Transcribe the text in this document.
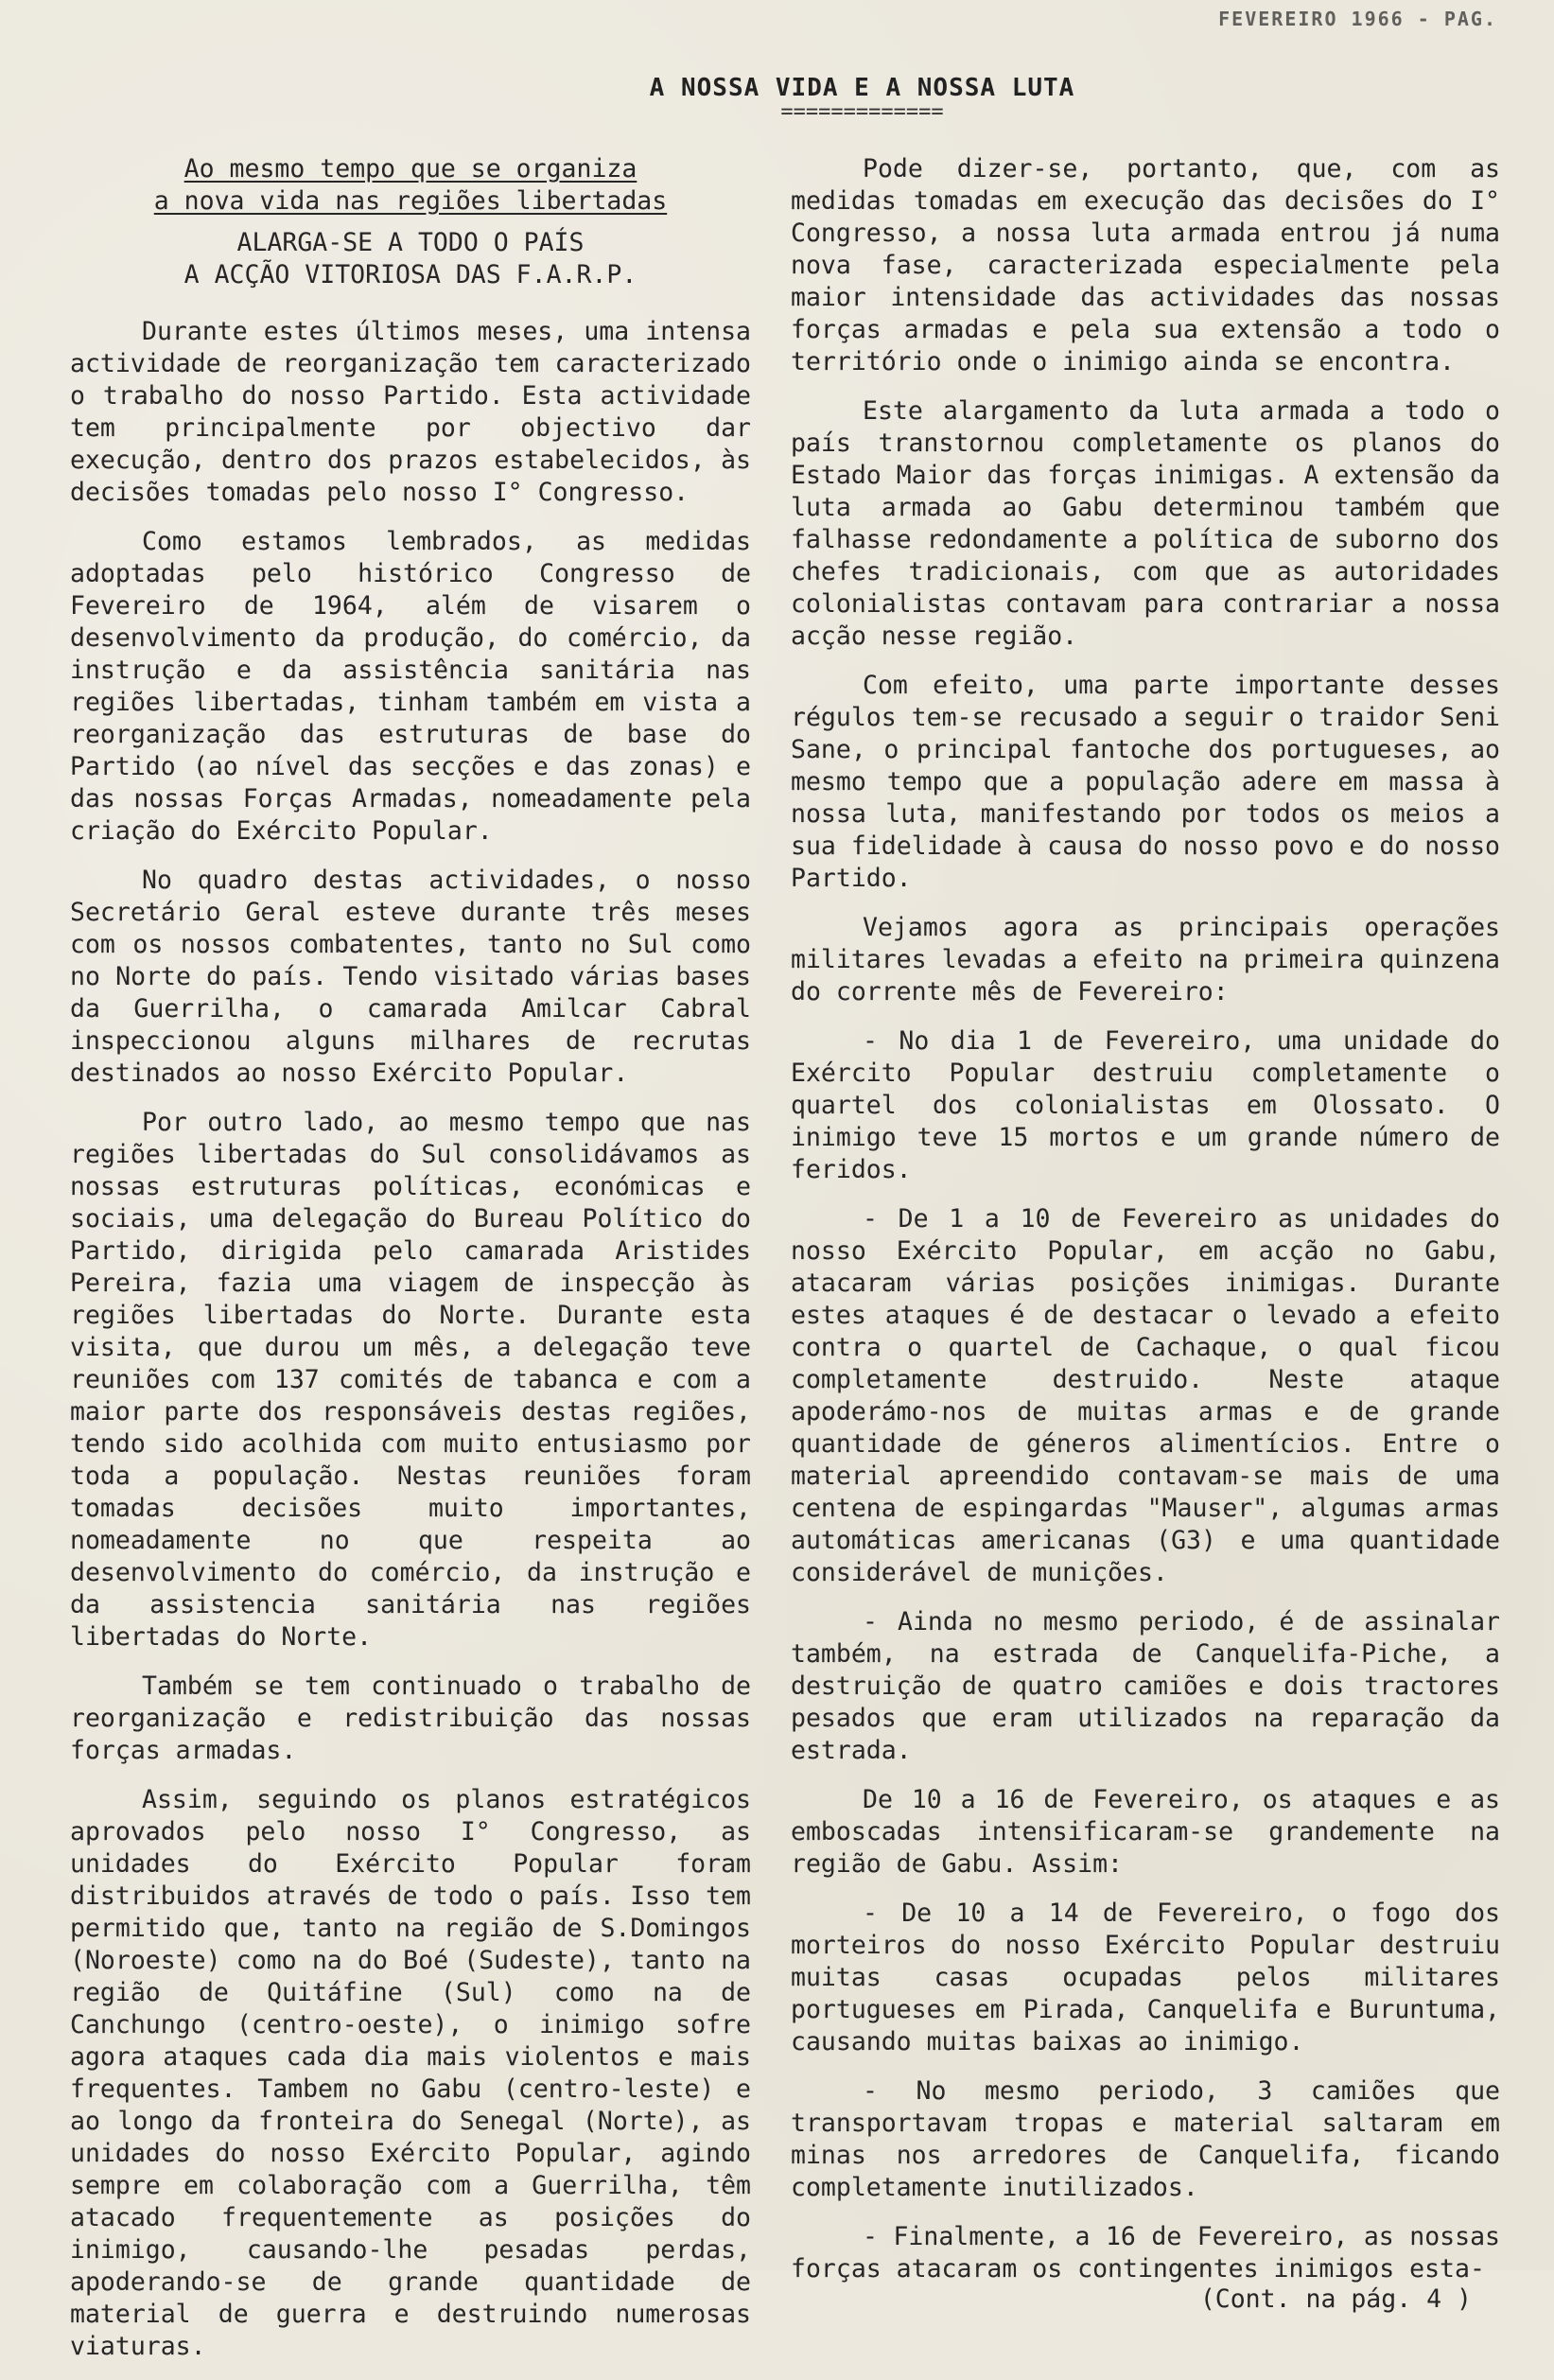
FEVEREIRO 1966 - PAG.
A NOSSA VIDA E A NOSSA LUTA
=============
Ao mesmo tempo que se organiza
a nova vida nas regiões libertadas
ALARGA-SE A TODO O PAÍS
A ACÇÃO VITORIOSA DAS F.A.R.P.

Durante estes últimos meses, uma intensa actividade de reorganização tem caracterizado o trabalho do nosso Partido. Esta actividade tem principalmente por objectivo dar execução, dentro dos prazos estabelecidos, às decisões tomadas pelo nosso I° Congresso.

Como estamos lembrados, as medidas adoptadas pelo histórico Congresso de Fevereiro de 1964, além de visarem o desenvolvimento da produção, do comércio, da instrução e da assistência sanitária nas regiões libertadas, tinham também em vista a reorganização das estruturas de base do Partido (ao nível das secções e das zonas) e das nossas Forças Armadas, nomeadamente pela criação do Exército Popular.

No quadro destas actividades, o nosso Secretário Geral esteve durante três meses com os nossos combatentes, tanto no Sul como no Norte do país. Tendo visitado várias bases da Guerrilha, o camarada Amilcar Cabral inspeccionou alguns milhares de recrutas destinados ao nosso Exército Popular.

Por outro lado, ao mesmo tempo que nas regiões libertadas do Sul consolidávamos as nossas estruturas políticas, económicas e sociais, uma delegação do Bureau Político do Partido, dirigida pelo camarada Aristides Pereira, fazia uma viagem de inspecção às regiões libertadas do Norte. Durante esta visita, que durou um mês, a delegação teve reuniões com 137 comités de tabanca e com a maior parte dos responsáveis destas regiões, tendo sido acolhida com muito entusiasmo por toda a população. Nestas reuniões foram tomadas decisões muito importantes, nomeadamente no que respeita ao desenvolvimento do comércio, da instrução e da assistencia sanitária nas regiões libertadas do Norte.

Também se tem continuado o trabalho de reorganização e redistribuição das nossas forças armadas.

Assim, seguindo os planos estratégicos aprovados pelo nosso I° Congresso, as unidades do Exército Popular foram distribuidos através de todo o país. Isso tem permitido que, tanto na região de S.Domingos (Noroeste) como na do Boé (Sudeste), tanto na região de Quitáfine (Sul) como na de Canchungo (centro-oeste), o inimigo sofre agora ataques cada dia mais violentos e mais frequentes. Tambem no Gabu (centro-leste) e ao longo da fronteira do Senegal (Norte), as unidades do nosso Exército Popular, agindo sempre em colaboração com a Guerrilha, têm atacado frequentemente as posições do inimigo, causando-lhe pesadas perdas, apoderando-se de grande quantidade de material de guerra e destruindo numerosas viaturas.

Pode dizer-se, portanto, que, com as medidas tomadas em execução das decisões do I° Congresso, a nossa luta armada entrou já numa nova fase, caracterizada especialmente pela maior intensidade das actividades das nossas forças armadas e pela sua extensão a todo o território onde o inimigo ainda se encontra.

Este alargamento da luta armada a todo o país transtornou completamente os planos do Estado Maior das forças inimigas. A extensão da luta armada ao Gabu determinou também que falhasse redondamente a política de suborno dos chefes tradicionais, com que as autoridades colonialistas contavam para contrariar a nossa acção nesse região.

Com efeito, uma parte importante desses régulos tem-se recusado a seguir o traidor Seni Sane, o principal fantoche dos portugueses, ao mesmo tempo que a população adere em massa à nossa luta, manifestando por todos os meios a sua fidelidade à causa do nosso povo e do nosso Partido.

Vejamos agora as principais operações militares levadas a efeito na primeira quinzena do corrente mês de Fevereiro:

- No dia 1 de Fevereiro, uma unidade do Exército Popular destruiu completamente o quartel dos colonialistas em Olossato. O inimigo teve 15 mortos e um grande número de feridos.

- De 1 a 10 de Fevereiro as unidades do nosso Exército Popular, em acção no Gabu, atacaram várias posições inimigas. Durante estes ataques é de destacar o levado a efeito contra o quartel de Cachaque, o qual ficou completamente destruido. Neste ataque apoderámo-nos de muitas armas e de grande quantidade de géneros alimentícios. Entre o material apreendido contavam-se mais de uma centena de espingardas "Mauser", algumas armas automáticas americanas (G3) e uma quantidade considerável de munições.

- Ainda no mesmo periodo, é de assinalar também, na estrada de Canquelifa-Piche, a destruição de quatro camiões e dois tractores pesados que eram utilizados na reparação da estrada.

De 10 a 16 de Fevereiro, os ataques e as emboscadas intensificaram-se grandemente na região de Gabu. Assim:

- De 10 a 14 de Fevereiro, o fogo dos morteiros do nosso Exército Popular destruiu muitas casas ocupadas pelos militares portugueses em Pirada, Canquelifa e Buruntuma, causando muitas baixas ao inimigo.

- No mesmo periodo, 3 camiões que transportavam tropas e material saltaram em minas nos arredores de Canquelifa, ficando completamente inutilizados.

- Finalmente, a 16 de Fevereiro, as nossas forças atacaram os contingentes inimigos esta-

(Cont. na pág. 4 )
